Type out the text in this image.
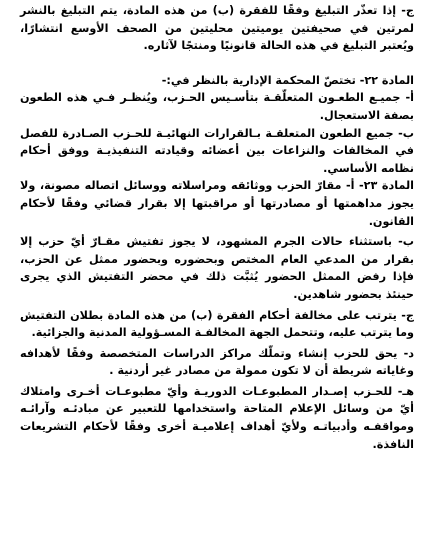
ج- إذا تعذّر التبليغ وفقًا للفقرة (ب) من هذه المادة، يتم التبليغ بالنشر لمرتين في صحيفتين يوميتين محليتين من الصحف الأوسع انتشارًا، ويُعتبر التبليغ في هذه الحالة قانونيًا ومنتجًا لآثاره.

المادة ٢٢- تختصّ المحكمة الإدارية بالنظر في:-

أ- جميـع الطعـون المتعلّقـة بتأسـيس الحـزب، ويُنظـر فـي هذه الطعون بصفة الاستعجال.

ب- جميع الطعون المتعلقـة بـالقرارات النهائيـة للحـزب الصـادرة للفصل في المخالفات والنزاعات بين أعضائه وقيادته التنفيذيـة ووفق أحكام نظامه الأساسي.

المادة ٢٣- أ- مقارّ الحزب ووثائقه ومراسلاته ووسائل اتصاله مصونة، ولا يجوز مداهمتها أو مصادرتها أو مراقبتها إلا بقرار قضائي وفقًا لأحكام القانون.

ب- باستثناء حالات الجرم المشهود، لا يجوز تفتيش مقـارّ أيّ حزب إلا بقرار من المدعي العام المختص وبحضوره وبحضور ممثل عن الحزب، فإذا رفض الممثل الحضور يُثبَّت ذلك في محضر التفتيش الذي يجرى حينئذ بحضور شاهدين.

ج- يترتب على مخالفة أحكام الفقرة (ب) من هذه المادة بطلان التفتيش وما يترتب عليه، وتتحمل الجهة المخالفـة المسـؤولية المدنية والجزائية.

د- يحق للحزب إنشاء وتملّك مراكز الدراسات المتخصصة وفقًا لأهدافه وغاياته شريطة أن لا تكون ممولة من مصادر غير أردنية .

هـ- للحـزب إصـدار المطبوعـات الدوريـة وأيّ مطبوعـات أخـرى وامتلاك أيّ من وسائل الإعلام المتاحة واستخدامها للتعبير عن مبادئـه وآرائـه ومواقفـه وأدبياتـه ولأيّ أهداف إعلاميـة أخرى وفقًا لأحكام التشريعات النافذة.
